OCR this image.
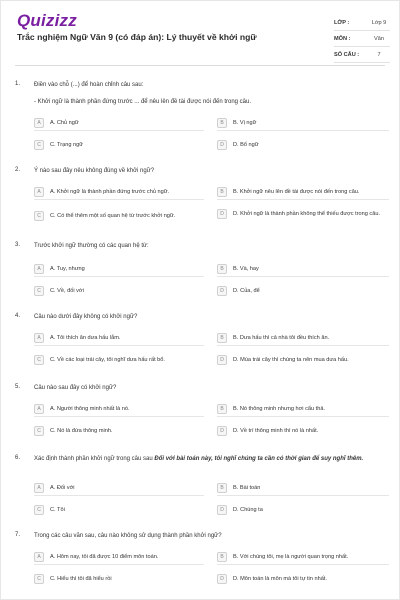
Quizizz
Trắc nghiệm Ngữ Văn 9 (có đáp án): Lý thuyết về khởi ngữ
LỚP :	Lớp 9
MÔN :	Văn
SỐ CÂU :	7
1. Điền vào chỗ (...) để hoàn chỉnh câu sau:
- Khởi ngữ là thành phần đứng trước ... để nêu lên đề tài được nói đến trong câu.
A	A. Chủ ngữ	B	B. Vị ngữ
C	C. Trạng ngữ	D	D. Bổ ngữ
2. Ý nào sau đây nêu không đúng về khởi ngữ?
A	A. Khởi ngữ là thành phần đứng trước chủ ngữ.	B	B. Khởi ngữ nêu lên đề tài được nói đến trong câu.
C	C. Có thể thêm một số quan hệ từ trước khởi ngữ.	D	D. Khởi ngữ là thành phần không thể thiếu được trong câu.
3. Trước khởi ngữ thường có các quan hệ từ:
A	A. Tuy, nhưng	B	B. Và, hay
C	C. Về, đối với	D	D. Của, để
4. Câu nào dưới đây không có khởi ngữ?
A	A. Tôi thích ăn dưa hấu lắm.	B	B. Dưa hấu thì cả nhà tôi đều thích ăn.
C	C. Về các loại trái cây, tôi nghĩ dưa hấu rất bổ.	D	D. Mùa trái cây thì chúng ta nên mua dưa hấu.
5. Câu nào sau đây có khởi ngữ?
A	A. Người thông minh nhất là nó.	B	B. Nó thông minh nhưng hơi cẩu thả.
C	C. Nó là đứa thông minh.	D	D. Về trí thông minh thì nó là nhất.
6. Xác định thành phần khởi ngữ trong câu sau Đối với bài toán này, tôi nghĩ chúng ta cần có thời gian để suy nghĩ thêm.
A	A. Đối với	B	B. Bài toán
C	C. Tôi	D	D. Chúng ta
7. Trong các câu văn sau, câu nào không sử dụng thành phần khởi ngữ?
A	A. Hôm nay, tôi đã được 10 điểm môn toán.	B	B. Với chúng tôi, mẹ là người quan trọng nhất.
C	C. Hiểu thì tôi đã hiểu rồi	D	D. Môn toán là môn mà tôi tự tin nhất.
